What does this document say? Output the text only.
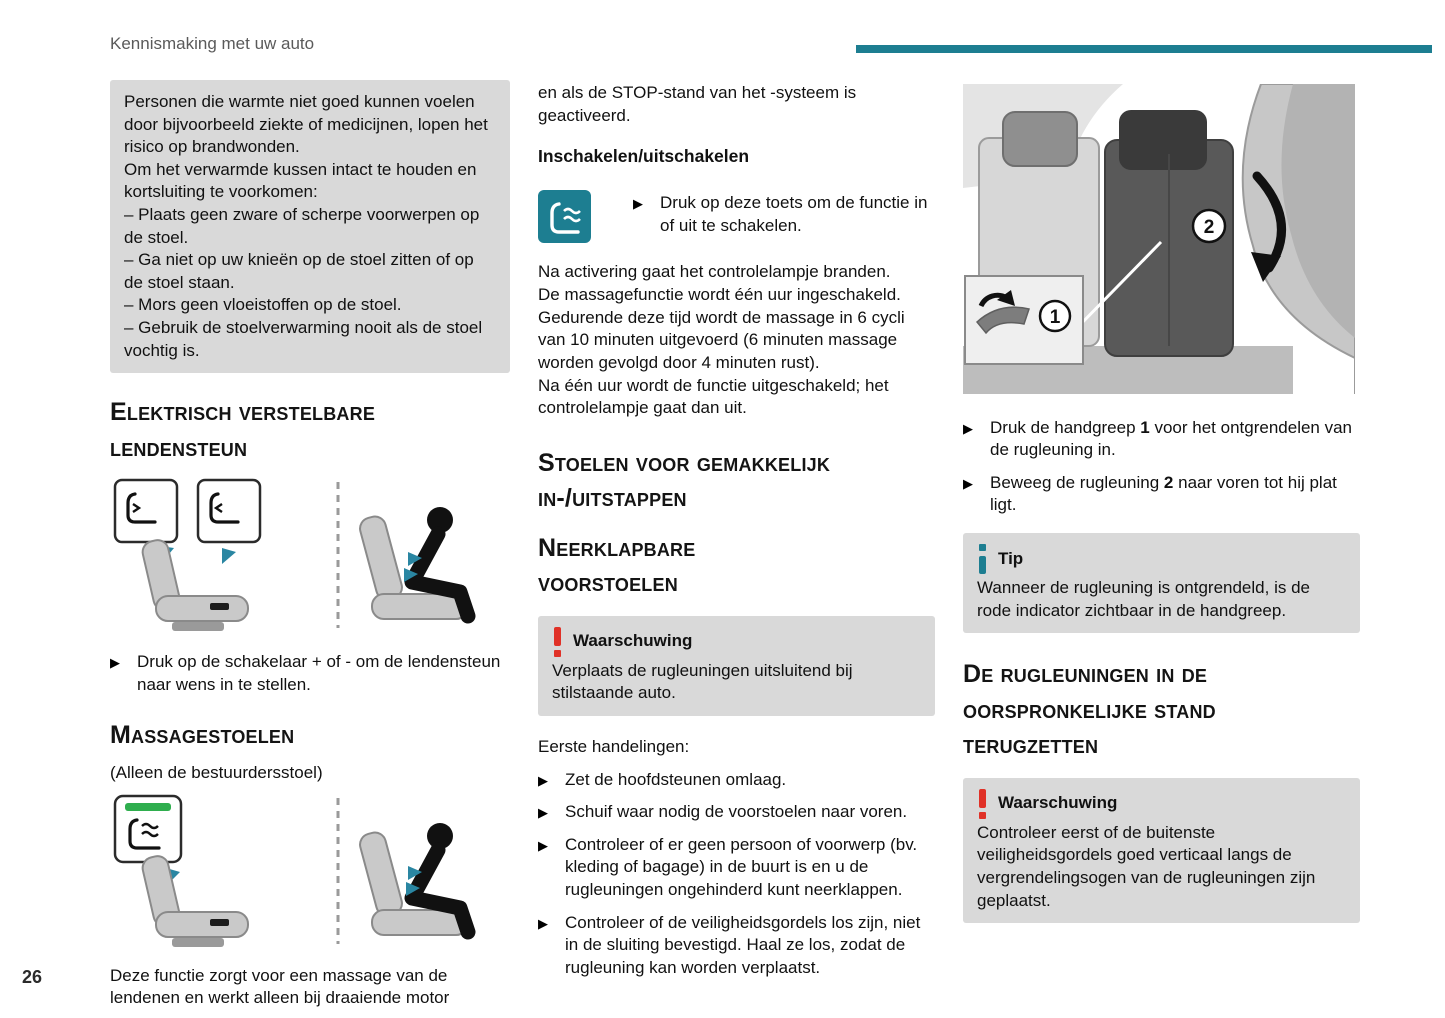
Kennismaking met uw auto

Personen die warmte niet goed kunnen voelen door bijvoorbeeld ziekte of medicijnen, lopen het risico op brandwonden.

Om het verwarmde kussen intact te houden en kortsluiting te voorkomen:

– Plaats geen zware of scherpe voorwerpen op de stoel.

– Ga niet op uw knieën op de stoel zitten of op de stoel staan.

– Mors geen vloeistoffen op de stoel.

– Gebruik de stoelverwarming nooit als de stoel vochtig is.

Elektrisch verstelbare lendensteun
▶	Druk op de schakelaar + of - om de lendensteun naar wens in te stellen.
Massagestoelen

(Alleen de bestuurdersstoel)

Deze functie zorgt voor een massage van de lendenen en werkt alleen bij draaiende motor

en als de STOP-stand van het -systeem is geactiveerd.

Inschakelen/uitschakelen
▶	Druk op deze toets om de functie in of uit te schakelen.

Na activering gaat het controlelampje branden.

De massagefunctie wordt één uur ingeschakeld.

Gedurende deze tijd wordt de massage in 6 cycli van 10 minuten uitgevoerd (6 minuten massage worden gevolgd door 4 minuten rust).

Na één uur wordt de functie uitgeschakeld; het controlelampje gaat dan uit.

Stoelen voor gemakkelijk in-/uitstappen
Neerklapbare voorstoelen
Waarschuwing

Verplaats de rugleuningen uitsluitend bij stilstaande auto.

Eerste handelingen:

▶	Zet de hoofdsteunen omlaag.
▶	Schuif waar nodig de voorstoelen naar voren.
▶	Controleer of er geen persoon of voorwerp (bv. kleding of bagage) in de buurt is en u de rugleuningen ongehinderd kunt neerklappen.
▶	Controleer of de veiligheidsgordels los zijn, niet in de sluiting bevestigd. Haal ze los, zodat de rugleuning kan worden verplaatst.
2
1
▶	Druk de handgreep 1 voor het ontgrendelen van de rugleuning in.
▶	Beweeg de rugleuning 2 naar voren tot hij plat ligt.
Tip

Wanneer de rugleuning is ontgrendeld, is de rode indicator zichtbaar in de handgreep.

De rugleuningen in de oorspronkelijke stand terugzetten
Waarschuwing

Controleer eerst of de buitenste veiligheidsgordels goed verticaal langs de vergrendelingsogen van de rugleuningen zijn geplaatst.

26
